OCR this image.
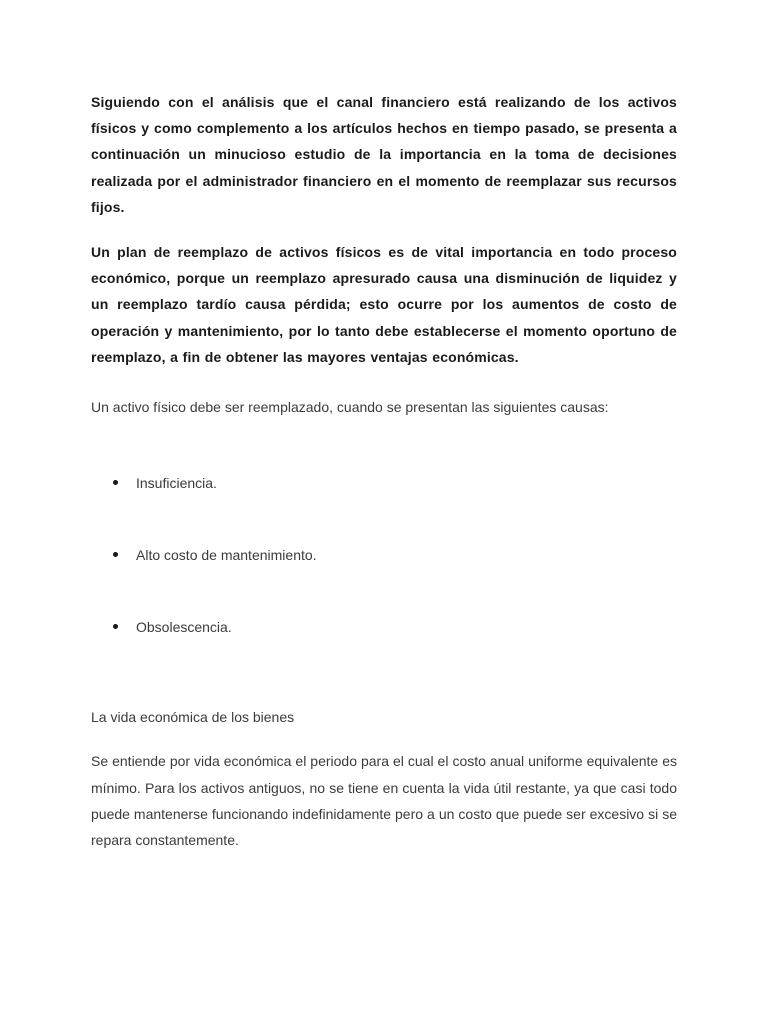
Siguiendo con el análisis que el canal financiero está realizando de los activos físicos y como complemento a los artículos hechos en tiempo pasado, se presenta a continuación un minucioso estudio de la importancia en la toma de decisiones realizada por el administrador financiero en el momento de reemplazar sus recursos fijos.

Un plan de reemplazo de activos físicos es de vital importancia en todo proceso económico, porque un reemplazo apresurado causa una disminución de liquidez y un reemplazo tardío causa pérdida; esto ocurre por los aumentos de costo de operación y mantenimiento, por lo tanto debe establecerse el momento oportuno de reemplazo, a fin de obtener las mayores ventajas económicas.

Un activo físico debe ser reemplazado, cuando se presentan las siguientes causas:

Insuficiencia.
Alto costo de mantenimiento.
Obsolescencia.

La vida económica de los bienes

Se entiende por vida económica el periodo para el cual el costo anual uniforme equivalente es mínimo. Para los activos antiguos, no se tiene en cuenta la vida útil restante, ya que casi todo puede mantenerse funcionando indefinidamente pero a un costo que puede ser excesivo si se repara constantemente.
